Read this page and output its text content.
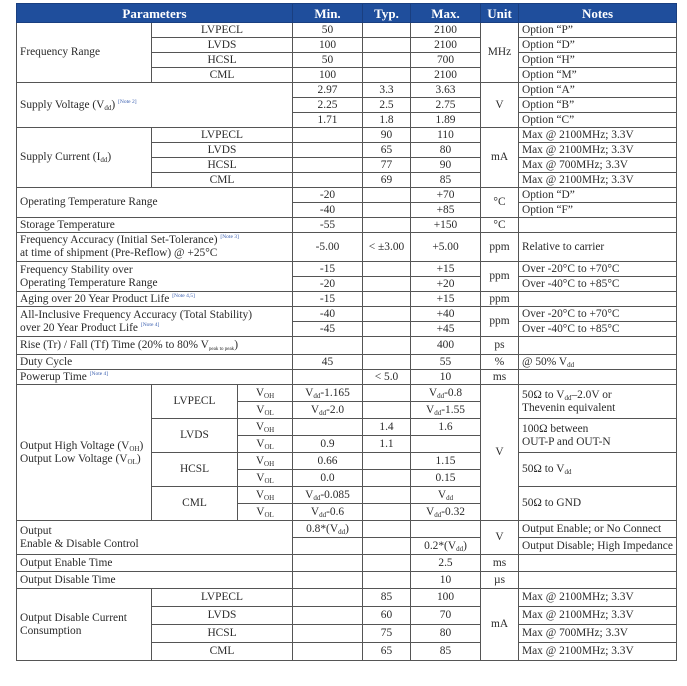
Parameters			Min.	Typ.	Max.	Unit	Notes
Frequency Range	LVPECL		50		2100	MHz	Option “P”
	LVDS		100		2100		Option “D”
	HCSL		50		700		Option “H”
	CML		100		2100		Option “M”
Supply Voltage $(V_{dd})$ [Note 2]			2.97	3.3	3.63	V	Option “A”
			2.25	2.5	2.75		Option “B”
			1.71	1.8	1.89		Option “C”
Supply Current $(I_{dd})$	LVPECL			90	110	mA	Max @ 2100MHz; 3.3V
	LVDS			65	80		Max @ 2100MHz; 3.3V
	HCSL			77	90		Max @ 700MHz; 3.3V
	CML			69	85		Max @ 2100MHz; 3.3V
Operating Temperature Range			-20		+70	°C	Option “D”
			-40		+85		Option “F”
Storage Temperature			-55		+150	°C	
Frequency Accuracy (Initial Set-Tolerance) [Note 3]
at time of shipment (Pre-Reflow) @ +25°C			-5.00	< ±3.00	+5.00	ppm	Relative to carrier
Frequency Stability over
Operating Temperature Range			-15		+15	ppm	Over -20°C to +70°C
			-20		+20		Over -40°C to +85°C
Aging over 20 Year Product Life [Note 4,5]			-15		+15	ppm	
All-Inclusive Frequency Accuracy (Total Stability)
over 20 Year Product Life [Note 4]			-40		+40	ppm	Over -20°C to +70°C
			-45		+45		Over -40°C to +85°C
Rise (Tr) / Fall (Tf) Time (20% to 80% $V_{peak to peak}$)					400	ps	
Duty Cycle			45		55	%	@ 50% $V_{dd}$
Powerup Time [Note 4]				< 5.0	10	ms	
Output High Voltage $(V_{OH})$
Output Low Voltage $(V_{OL})$	LVPECL	$V_{OH}$	$V_{dd}-1.165$		$V_{dd}-0.8$	V	50Ω to $V_{dd}-2.0V$ or
Thevenin equivalent
		$V_{OL}$	$V_{dd}-2.0$		$V_{dd}-1.55$		
	LVDS	$V_{OH}$		1.4	1.6		100Ω between
OUT-P and OUT-N
		$V_{OL}$	0.9	1.1			
	HCSL	$V_{OH}$	0.66		1.15		50Ω to $V_{dd}$
		$V_{OL}$	0.0		0.15		
	CML	$V_{OH}$	$V_{dd}-0.085$		$V_{dd}$		50Ω to GND
		$V_{OL}$	$V_{dd}-0.6$		$V_{dd}-0.32$		
Output
Enable & Disable Control			$0.8*(V_{dd})$			V	Output Enable; or No Connect
					$0.2*(V_{dd})$		Output Disable; High Impedance
Output Enable Time					2.5	ms	
Output Disable Time					10	µs	
Output Disable Current
Consumption	LVPECL			85	100	mA	Max @ 2100MHz; 3.3V
	LVDS			60	70		Max @ 2100MHz; 3.3V
	HCSL			75	80		Max @ 700MHz; 3.3V
	CML			65	85		Max @ 2100MHz; 3.3V
